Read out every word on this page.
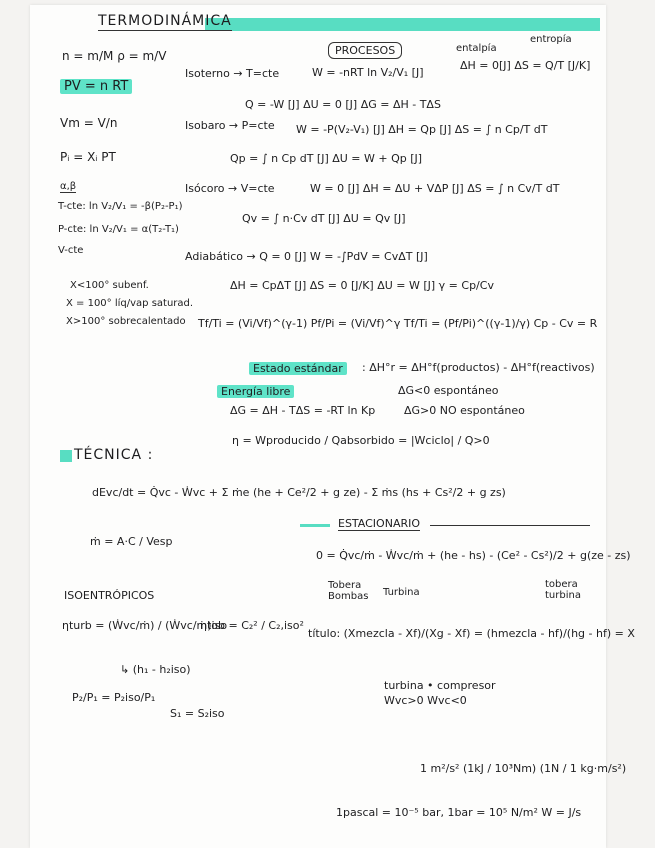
TERMODINÁMICA
n = m/M ρ = m/V
PV = n RT
Vm = V/n
Pᵢ = Xᵢ PT
α,β
T-cte: ln V₂/V₁ = -β(P₂-P₁)
P-cte: ln V₂/V₁ = α(T₂-T₁)
V-cte
X<100° subenf.
X = 100° líq/vap saturad.
X>100° sobrecalentado
PROCESOS	entalpía
entropía
Isoterno → T=cte	W = -nRT ln V₂/V₁ [J]
ΔH = 0[J] ΔS = Q/T [J/K]
Q = -W [J] ΔU = 0 [J] ΔG = ΔH - TΔS
Isobaro → P=cte W = -P(V₂-V₁) [J] ΔH = Qp [J] ΔS = ∫ n Cp/T dT
Qp = ∫ n Cp dT [J] ΔU = W + Qp [J]
Isócoro → V=cte	W = 0 [J] ΔH = ΔU + VΔP [J] ΔS = ∫ n Cv/T dT
Qv = ∫ n·Cv dT [J] ΔU = Qv [J]
Adiabático → Q = 0 [J] W = -∫PdV = CvΔT [J]
ΔH = CpΔT [J] ΔS = 0 [J/K] ΔU = W [J] γ = Cp/Cv
Tf/Ti = (Vi/Vf)^(γ-1) Pf/Pi = (Vi/Vf)^γ Tf/Ti = (Pf/Pi)^((γ-1)/γ) Cp - Cv = R
Estado estándar	: ΔH°r = ΔH°f(productos) - ΔH°f(reactivos)
Energía libre	ΔG<0 espontáneo
ΔG = ΔH - TΔS = -RT ln Kp	ΔG>0 NO espontáneo
η = Wproducido / Qabsorbido = |Wciclo| / Q>0
TÉCNICA :
dEvc/dt = Q̇vc - Ẇvc + Σ ṁe (he + Ce²/2 + g ze) - Σ ṁs (hs + Cs²/2 + g zs)
ṁ = A·C / Vesp
ESTACIONARIO
0 = Q̇vc/ṁ - Ẇvc/ṁ + (he - hs) - (Ce² - Cs²)/2 + g(ze - zs)
Tobera
Bombas Turbina
tobera
turbina
ISOENTRÓPICOS
ηturb = (Ẇvc/ṁ) / (Ẇvc/ṁ)iso
ηtob = C₂² / C₂,iso²
↳ (h₁ - h₂iso)
título: (Xmezcla - Xf)/(Xg - Xf) = (hmezcla - hf)/(hg - hf) = X
turbina • compresor
Wvc>0 Wvc<0
P₂/P₁ = P₂iso/P₁
S₁ = S₂iso
1 m²/s² (1kJ / 10³Nm) (1N / 1 kg·m/s²)
1pascal = 10⁻⁵ bar, 1bar = 10⁵ N/m² W = J/s
